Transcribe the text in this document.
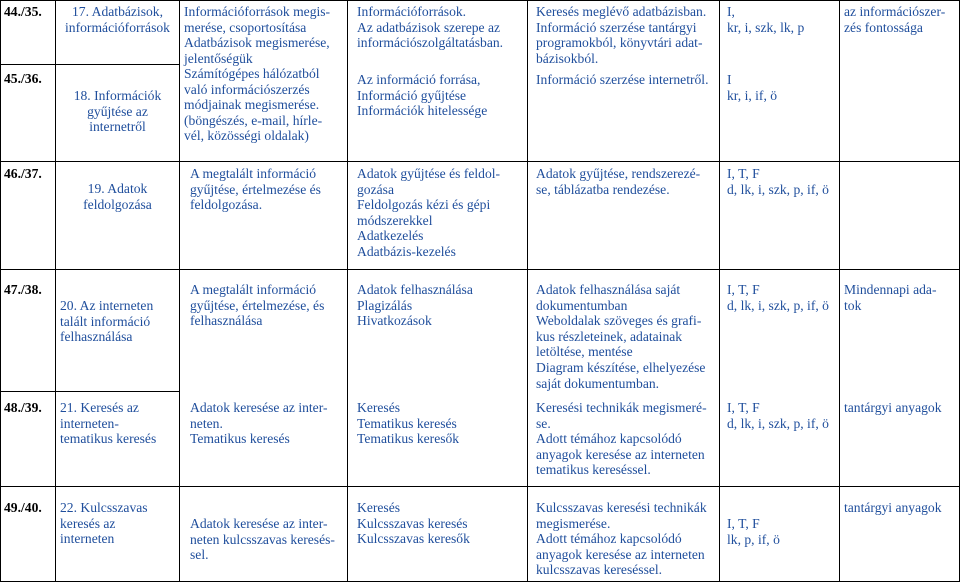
44./35.	17. Adatbázisok,
információforrások
Információforrások megis-
merése, csoportosítása
Adatbázisok megismerése,
jelentőségük
Információforrások.
Az adatbázisok szerepe az
információszolgáltatásban.
Keresés meglévő adatbázisban.
Információ szerzése tantárgyi
programokból, könyvtári adat-
bázisokból.
I,
kr, i, szk, lk, p
az információszer-
zés fontossága
45./36.
18. Információk
gyűjtése az
internetről
Számítógépes hálózatból
való információszerzés
módjainak megismerése.
(böngészés, e-mail, hírle-
vél, közösségi oldalak)
Az információ forrása,
Információ gyűjtése
Információk hitelessége
Információ szerzése internetről. I
kr, i, if, ö
46./37.
19. Adatok
feldolgozása
A megtalált információ
gyűjtése, értelmezése és
feldolgozása.
Adatok gyűjtése és feldol-
gozása
Feldolgozás kézi és gépi
módszerekkel
Adatkezelés
Adatbázis-kezelés
Adatok gyűjtése, rendszerezé-
se, táblázatba rendezése.
I, T, F
d, lk, i, szk, p, if, ö
47./38.
20. Az interneten
talált információ
felhasználása
A megtalált információ
gyűjtése, értelmezése, és
felhasználása
Adatok felhasználása
Plagizálás
Hivatkozások
Adatok felhasználása saját
dokumentumban
Weboldalak szöveges és grafi-
kus részleteinek, adatainak
letöltése, mentése
Diagram készítése, elhelyezése
saját dokumentumban.
I, T, F
d, lk, i, szk, p, if, ö
Mindennapi ada-
tok
48./39. 21. Keresés az
interneten-
tematikus keresés
Adatok keresése az inter-
neten.
Tematikus keresés
Keresés
Tematikus keresés
Tematikus keresők
Keresési technikák megismeré-
se.
Adott témához kapcsolódó
anyagok keresése az interneten
tematikus kereséssel.
I, T, F
d, lk, i, szk, p, if, ö
tantárgyi anyagok
49./40. 22. Kulcsszavas
keresés az
interneten
Adatok keresése az inter-
neten kulcsszavas keresés-
sel.
Keresés
Kulcsszavas keresés
Kulcsszavas keresők
Kulcsszavas keresési technikák
megismerése.
Adott témához kapcsolódó
anyagok keresése az interneten
kulcsszavas kereséssel.
I, T, F
lk, p, if, ö
tantárgyi anyagok
